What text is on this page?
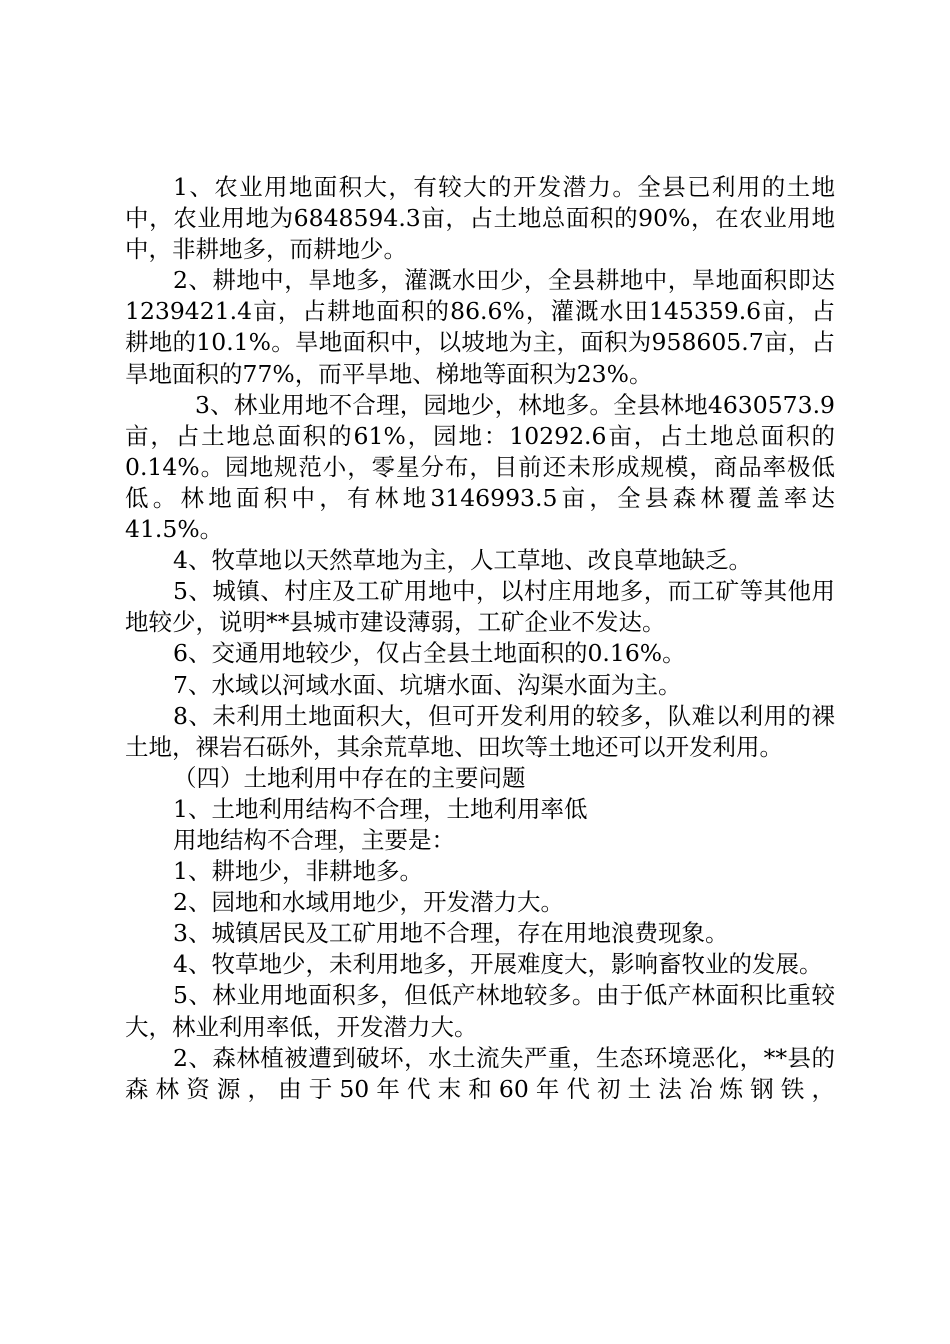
1、农业用地面积大，有较大的开发潜力。全县已利用的土地中，农业用地为6848594.3亩，占土地总面积的90%，在农业用地中，非耕地多，而耕地少。

2、耕地中，旱地多，灌溉水田少，全县耕地中，旱地面积即达1239421.4亩，占耕地面积的86.6%，灌溉水田145359.6亩，占耕地的10.1%。旱地面积中，以坡地为主，面积为958605.7亩，占旱地面积的77%，而平旱地、梯地等面积为23%。

3、林业用地不合理，园地少，林地多。全县林地4630573.9亩，占土地总面积的61%，园地：10292.6亩，占土地总面积的0.14%。园地规范小，零星分布，目前还未形成规模，商品率极低低。林地面积中，有林地3146993.5亩，全县森林覆盖率达41.5%。

4、牧草地以天然草地为主，人工草地、改良草地缺乏。

5、城镇、村庄及工矿用地中，以村庄用地多，而工矿等其他用地较少，说明**县城市建设薄弱，工矿企业不发达。

6、交通用地较少，仅占全县土地面积的0.16%。

7、水域以河域水面、坑塘水面、沟渠水面为主。

8、未利用土地面积大，但可开发利用的较多，队难以利用的裸土地，裸岩石砾外，其余荒草地、田坎等土地还可以开发利用。

（四）土地利用中存在的主要问题

1、土地利用结构不合理，土地利用率低

用地结构不合理，主要是：

1、耕地少，非耕地多。

2、园地和水域用地少，开发潜力大。

3、城镇居民及工矿用地不合理，存在用地浪费现象。

4、牧草地少，未利用地多，开展难度大，影响畜牧业的发展。

5、林业用地面积多，但低产林地较多。由于低产林面积比重较大，林业利用率低，开发潜力大。

2、森林植被遭到破坏，水土流失严重，生态环境恶化，**县的森林资源，由于50年代末和60年代初土法冶炼钢铁，
